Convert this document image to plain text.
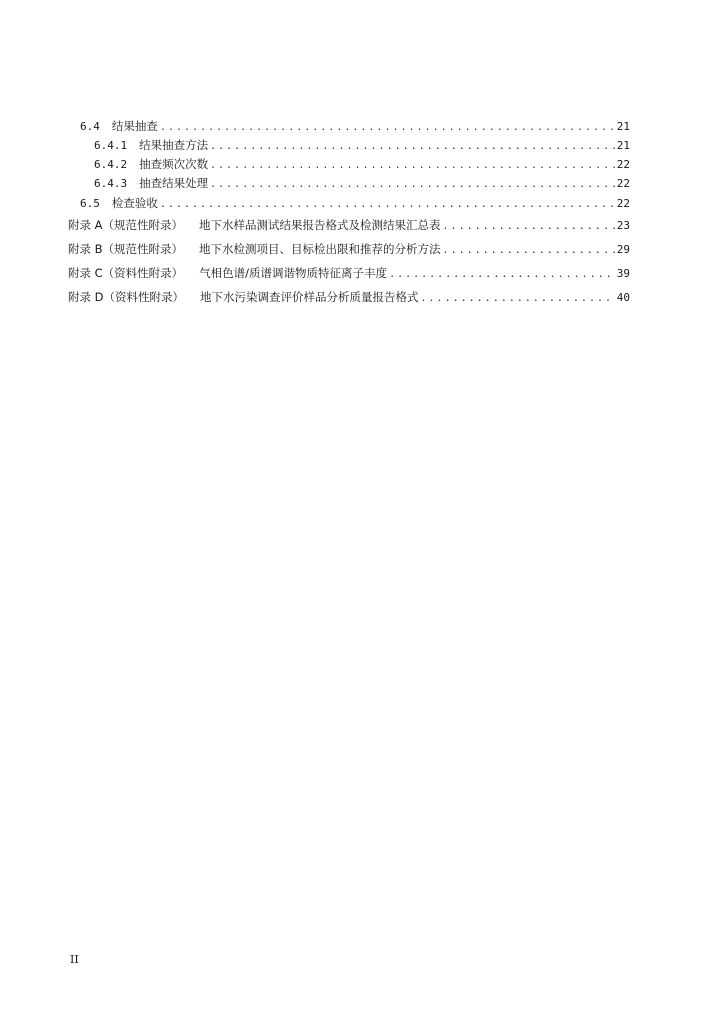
6.4	结果抽查 .....	21
6.4.1	结果抽查方法 .....	21
6.4.2	抽查频次次数 .....	22
6.4.3	抽查结果处理 .....	22
6.5	检查验收 .....	22
附录 A（规范性附录）	地下水样品测试结果报告格式及检测结果汇总表 .....	23
附录 B（规范性附录）	地下水检测项目、目标检出限和推荐的分析方法 .....	29
附录 C（资料性附录）	气相色谱/质谱调谐物质特征离子丰度 .....	39
附录 D（资料性附录）	地下水污染调查评价样品分析质量报告格式 .....	40
II
